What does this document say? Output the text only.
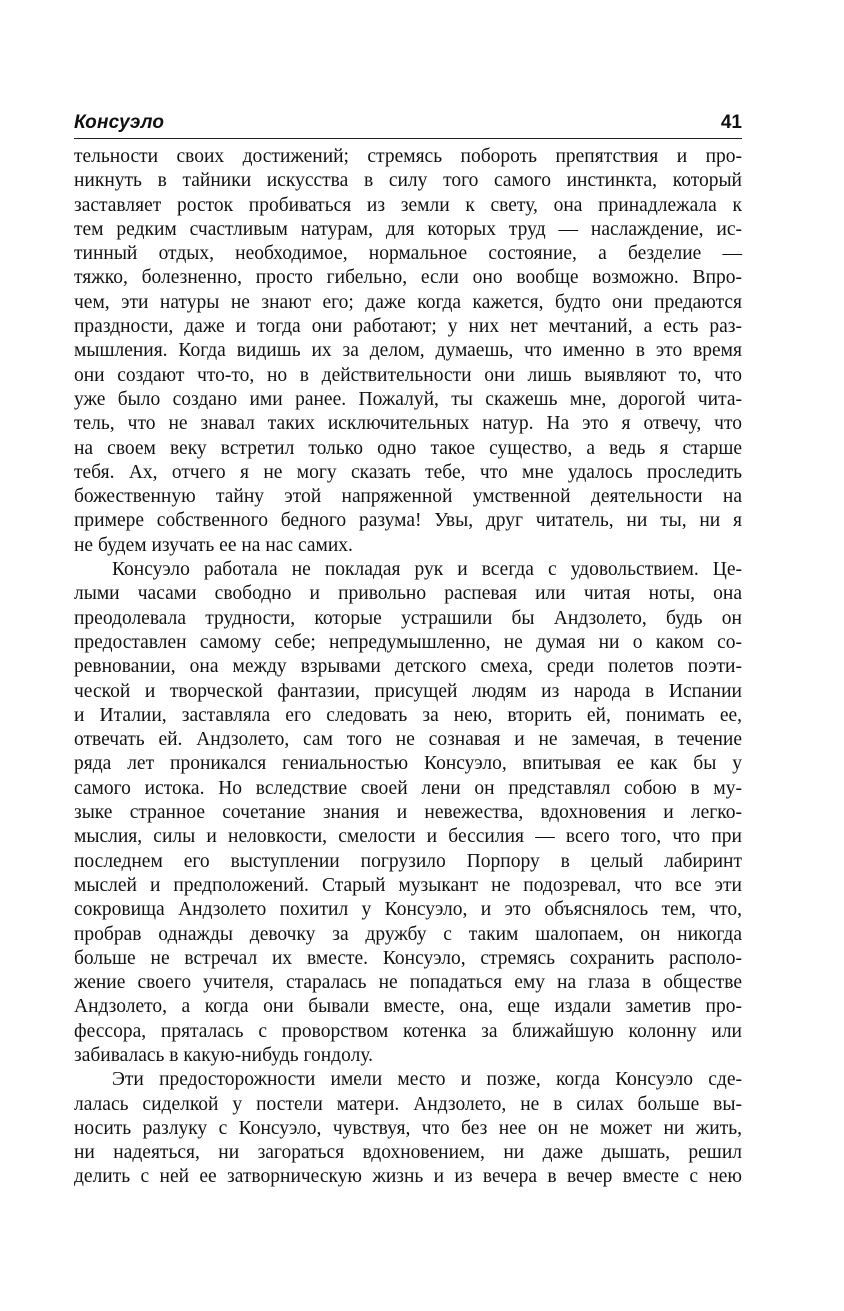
Консуэло	41
тельности своих достижений; стремясь побороть препятствия и про-
никнуть в тайники искусства в силу того самого инстинкта, который
заставляет росток пробиваться из земли к свету, она принадлежала к
тем редким счастливым натурам, для которых труд — наслаждение, ис-
тинный отдых, необходимое, нормальное состояние, а безделие —
тяжко, болезненно, просто гибельно, если оно вообще возможно. Впро-
чем, эти натуры не знают его; даже когда кажется, будто они предаются
праздности, даже и тогда они работают; у них нет мечтаний, а есть раз-
мышления. Когда видишь их за делом, думаешь, что именно в это время
они создают что-то, но в действительности они лишь выявляют то, что
уже было создано ими ранее. Пожалуй, ты скажешь мне, дорогой чита-
тель, что не знавал таких исключительных натур. На это я отвечу, что
на своем веку встретил только одно такое существо, а ведь я старше
тебя. Ах, отчего я не могу сказать тебе, что мне удалось проследить
божественную тайну этой напряженной умственной деятельности на
примере собственного бедного разума! Увы, друг читатель, ни ты, ни я
не будем изучать ее на нас самих.
Консуэло работала не покладая рук и всегда с удовольствием. Це-
лыми часами свободно и привольно распевая или читая ноты, она
преодолевала трудности, которые устрашили бы Андзолето, будь он
предоставлен самому себе; непредумышленно, не думая ни о каком со-
ревновании, она между взрывами детского смеха, среди полетов поэти-
ческой и творческой фантазии, присущей людям из народа в Испании
и Италии, заставляла его следовать за нею, вторить ей, понимать ее,
отвечать ей. Андзолето, сам того не сознавая и не замечая, в течение
ряда лет проникался гениальностью Консуэло, впитывая ее как бы у
самого истока. Но вследствие своей лени он представлял собою в му-
зыке странное сочетание знания и невежества, вдохновения и легко-
мыслия, силы и неловкости, смелости и бессилия — всего того, что при
последнем его выступлении погрузило Порпору в целый лабиринт
мыслей и предположений. Старый музыкант не подозревал, что все эти
сокровища Андзолето похитил у Консуэло, и это объяснялось тем, что,
пробрав однажды девочку за дружбу с таким шалопаем, он никогда
больше не встречал их вместе. Консуэло, стремясь сохранить располо-
жение своего учителя, старалась не попадаться ему на глаза в обществе
Андзолето, а когда они бывали вместе, она, еще издали заметив про-
фессора, пряталась с проворством котенка за ближайшую колонну или
забивалась в какую-нибудь гондолу.
Эти предосторожности имели место и позже, когда Консуэло сде-
лалась сиделкой у постели матери. Андзолето, не в силах больше вы-
носить разлуку с Консуэло, чувствуя, что без нее он не может ни жить,
ни надеяться, ни загораться вдохновением, ни даже дышать, решил
делить с ней ее затворническую жизнь и из вечера в вечер вместе с нею
